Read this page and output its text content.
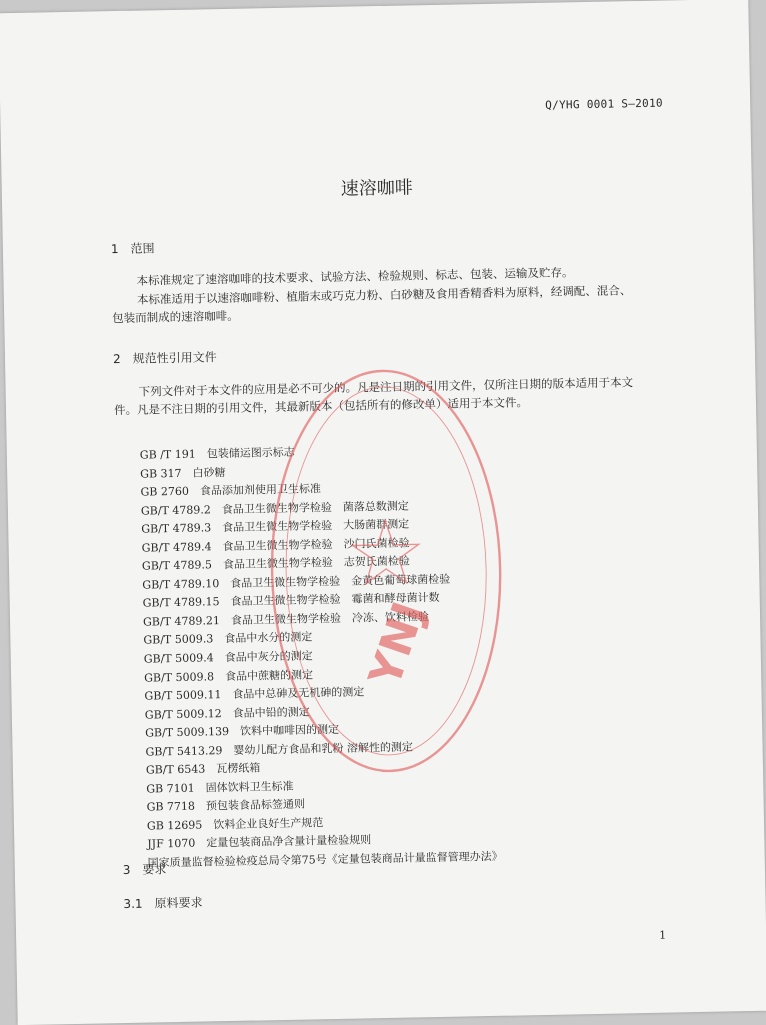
Q/YHG 0001 S—2010
速溶咖啡
1　范围
本标准规定了速溶咖啡的技术要求、试验方法、检验规则、标志、包装、运输及贮存。
本标准适用于以速溶咖啡粉、植脂末或巧克力粉、白砂糖及食用香精香料为原料，经调配、混合、
包装而制成的速溶咖啡。
2　规范性引用文件
下列文件对于本文件的应用是必不可少的。凡是注日期的引用文件，仅所注日期的版本适用于本文
件。凡是不注日期的引用文件，其最新版本（包括所有的修改单）适用于本文件。
GB /T 191　包装储运图示标志
GB 317　白砂糖
GB 2760　食品添加剂使用卫生标准
GB/T 4789.2　食品卫生微生物学检验　菌落总数测定
GB/T 4789.3　食品卫生微生物学检验　大肠菌群测定
GB/T 4789.4　食品卫生微生物学检验　沙门氏菌检验
GB/T 4789.5　食品卫生微生物学检验　志贺氏菌检验
GB/T 4789.10　食品卫生微生物学检验　金黄色葡萄球菌检验
GB/T 4789.15　食品卫生微生物学检验　霉菌和酵母菌计数
GB/T 4789.21　食品卫生微生物学检验　冷冻、饮料检验
GB/T 5009.3　食品中水分的测定
GB/T 5009.4　食品中灰分的测定
GB/T 5009.8　食品中蔗糖的测定
GB/T 5009.11　食品中总砷及无机砷的测定
GB/T 5009.12　食品中铅的测定
GB/T 5009.139　饮料中咖啡因的测定
GB/T 5413.29　婴幼儿配方食品和乳粉 溶解性的测定
GB/T 6543　瓦楞纸箱
GB 7101　固体饮料卫生标准
GB 7718　预包装食品标签通则
GB 12695　饮料企业良好生产规范
JJF 1070　定量包装商品净含量计量检验规则
国家质量监督检验检疫总局令第75号《定量包装商品计量监督管理办法》
3　要求
3.1　原料要求
1
YNJ
